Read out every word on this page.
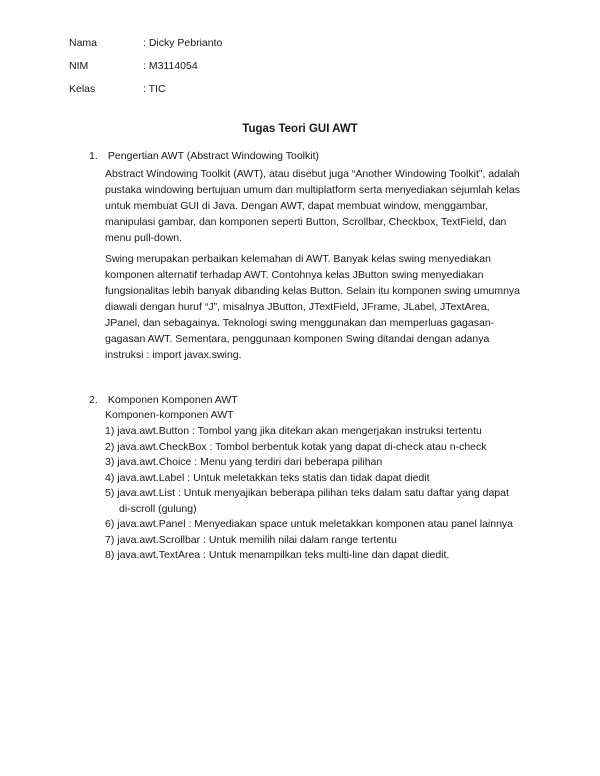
Nama	: Dicky Pebrianto
NIM	: M3114054
Kelas	: TIC
Tugas Teori GUI AWT
1. Pengertian AWT (Abstract Windowing Toolkit)

Abstract Windowing Toolkit (AWT), atau disebut juga “Another Windowing Toolkit”, adalah pustaka windowing bertujuan umum dan multiplatform serta menyediakan sejumlah kelas untuk membuat GUI di Java. Dengan AWT, dapat membuat window, menggambar, manipulasi gambar, dan komponen seperti Button, Scrollbar, Checkbox, TextField, dan menu pull-down.

Swing merupakan perbaikan kelemahan di AWT. Banyak kelas swing menyediakan komponen alternatif terhadap AWT. Contohnya kelas JButton swing menyediakan fungsionalitas lebih banyak dibanding kelas Button. Selain itu komponen swing umumnya diawali dengan huruf “J”, misalnya JButton, JTextField, JFrame, JLabel, JTextArea, JPanel, dan sebagainya. Teknologi swing menggunakan dan memperluas gagasan-gagasan AWT. Sementara, penggunaan komponen Swing ditandai dengan adanya instruksi : import javax.swing.

2. Komponen Komponen AWT
Komponen-komponen AWT
1) java.awt.Button : Tombol yang jika ditekan akan mengerjakan instruksi tertentu
2) java.awt.CheckBox : Tombol berbentuk kotak yang dapat di-check atau n-check
3) java.awt.Choice : Menu yang terdiri dari beberapa pilihan
4) java.awt.Label : Untuk meletakkan teks statis dan tidak dapat diedit
5) java.awt.List : Untuk menyajikan beberapa pilihan teks dalam satu daftar yang dapat
di-scroll (gulung)
6) java.awt.Panel : Menyediakan space untuk meletakkan komponen atau panel lainnya
7) java.awt.Scrollbar : Untuk memilih nilai dalam range tertentu
8) java.awt.TextArea : Untuk menampilkan teks multi-line dan dapat diedit.
